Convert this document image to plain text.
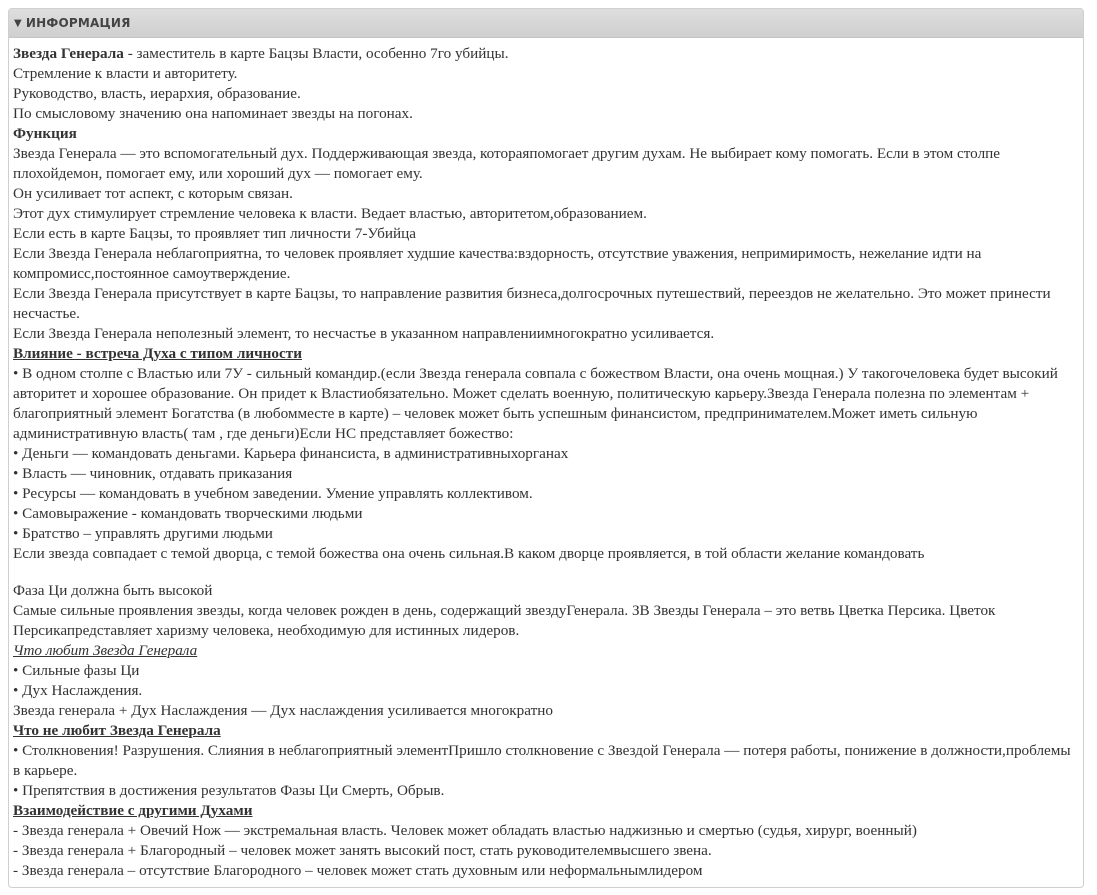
▼ ИНФОРМАЦИЯ
Звезда Генерала - заместитель в карте Бацзы Власти, особенно 7го убийцы.
Стремление к власти и авторитету.
Руководство, власть, иерархия, образование.
По смысловому значению она напоминает звезды на погонах.
Функция
Звезда Генерала — это вспомогательный дух. Поддерживающая звезда, котораяпомогает другим духам. Не выбирает кому помогать. Если в этом столпе плохойдемон, помогает ему, или хороший дух — помогает ему.
Он усиливает тот аспект, с которым связан.
Этот дух стимулирует стремление человека к власти. Ведает властью, авторитетом,образованием.
Если есть в карте Бацзы, то проявляет тип личности 7-Убийца
Если Звезда Генерала неблагоприятна, то человек проявляет худшие качества:вздорность, отсутствие уважения, непримиримость, нежелание идти на компромисс,постоянное самоутверждение.
Если Звезда Генерала присутствует в карте Бацзы, то направление развития бизнеса,долгосрочных путешествий, переездов не желательно. Это может принести несчастье.
Если Звезда Генерала неполезный элемент, то несчастье в указанном направлениимногократно усиливается.
Влияние - встреча Духа с типом личности
• В одном столпе с Властью или 7У - сильный командир.(если Звезда генерала совпала с божеством Власти, она очень мощная.) У такогочеловека будет высокий авторитет и хорошее образование. Он придет к Властиобязательно. Может сделать военную, политическую карьеру.Звезда Генерала полезна по элементам + благоприятный элемент Богатства (в любомместе в карте) – человек может быть успешным финансистом, предпринимателем.Может иметь сильную административную власть( там , где деньги)Если НС представляет божество:
• Деньги — командовать деньгами. Карьера финансиста, в административныхорганах
• Власть — чиновник, отдавать приказания
• Ресурсы — командовать в учебном заведении. Умение управлять коллективом.
• Самовыражение - командовать творческими людьми
• Братство – управлять другими людьми
Если звезда совпадает с темой дворца, с темой божества она очень сильная.В каком дворце проявляется, в той области желание командовать
Фаза Ци должна быть высокой
Самые сильные проявления звезды, когда человек рожден в день, содержащий звездуГенерала. ЗВ Звезды Генерала – это ветвь Цветка Персика. Цветок Персикапредставляет харизму человека, необходимую для истинных лидеров.
Что любит Звезда Генерала
• Сильные фазы Ци
• Дух Наслаждения.
Звезда генерала + Дух Наслаждения — Дух наслаждения усиливается многократно
Что не любит Звезда Генерала
• Столкновения! Разрушения. Слияния в неблагоприятный элементПришло столкновение с Звездой Генерала — потеря работы, понижение в должности,проблемы в карьере.
• Препятствия в достижения результатов Фазы Ци Смерть, Обрыв.
Взаимодействие с другими Духами
- Звезда генерала + Овечий Нож — экстремальная власть. Человек может обладать властью наджизнью и смертью (судья, хирург, военный)
- Звезда генерала + Благородный – человек может занять высокий пост, стать руководителемвысшего звена.
- Звезда генерала – отсутствие Благородного – человек может стать духовным или неформальнымлидером
